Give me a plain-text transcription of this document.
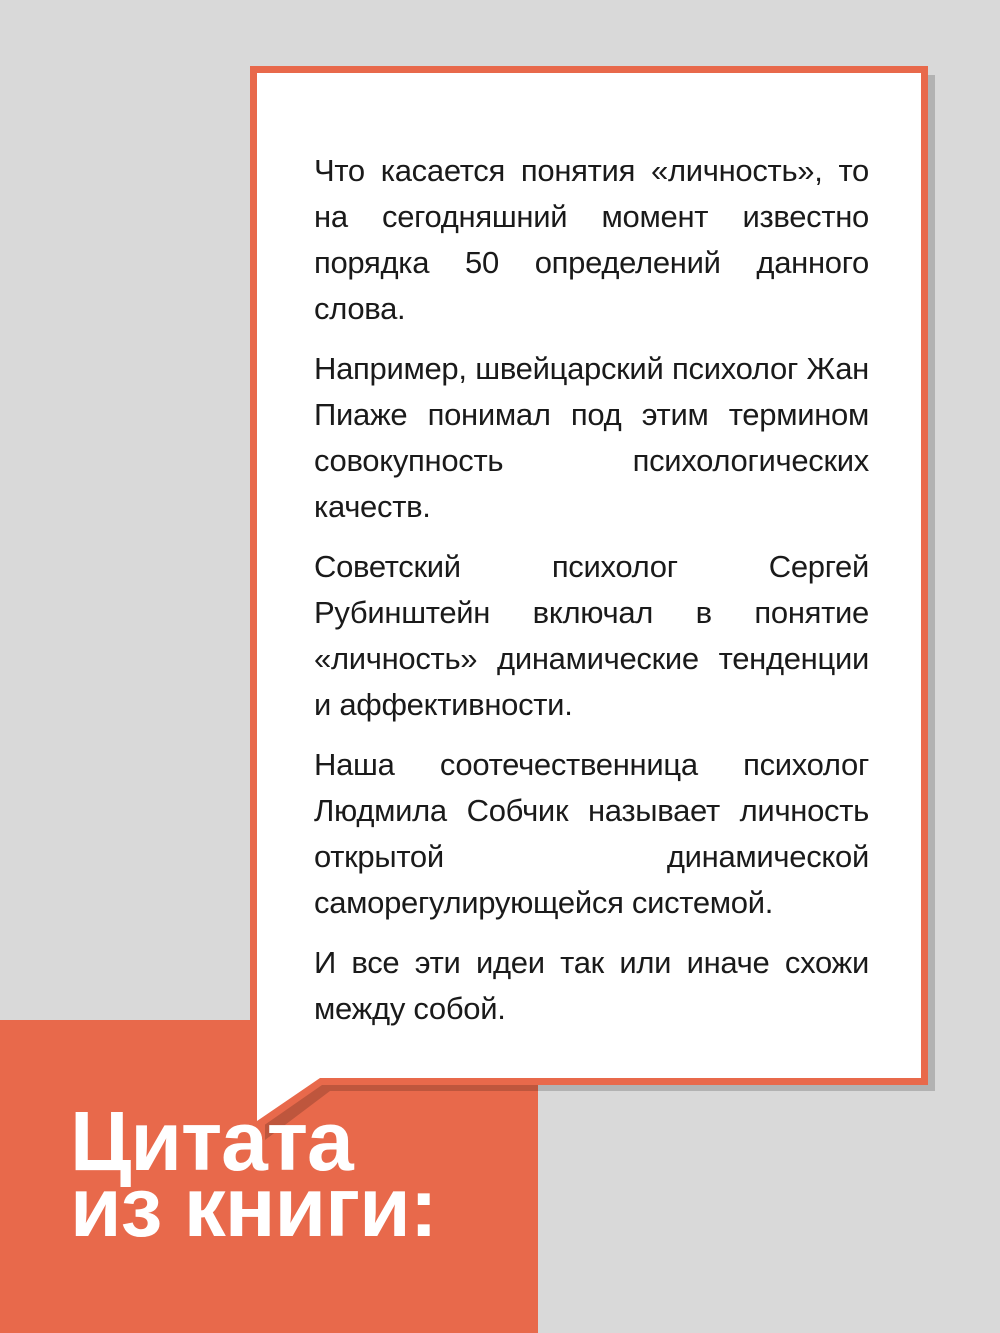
Что касается понятия «личность», то на сегодняшний момент известно порядка 50 определений данного слова.

Например, швейцарский психолог Жан Пиаже понимал под этим термином совокупность психологических качеств.

Советский психолог Сергей Рубинштейн включал в понятие «личность» динамические тенденции и аффективности.

Наша соотечественница психолог Людмила Собчик называет личность открытой динамической саморегулирующейся системой.

И все эти идеи так или иначе схожи между собой.

Цитата
из книги:
